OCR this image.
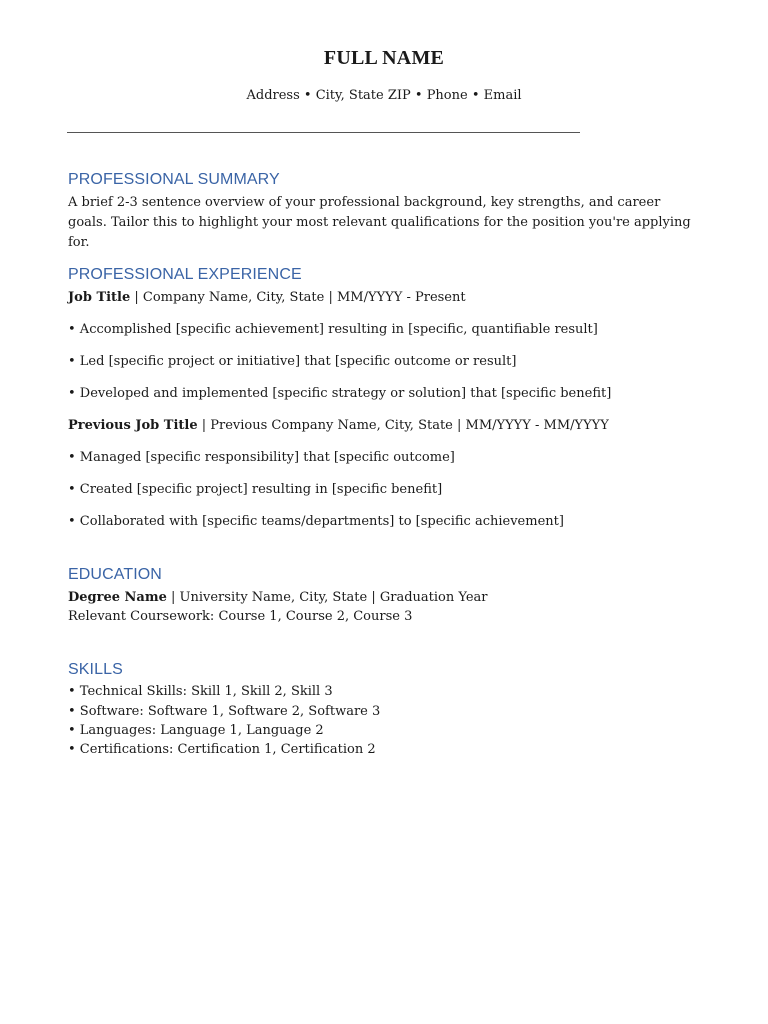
FULL NAME
Address • City, State ZIP • Phone • Email
PROFESSIONAL SUMMARY
A brief 2-3 sentence overview of your professional background, key strengths, and career goals. Tailor this to highlight your most relevant qualifications for the position you're applying for.
PROFESSIONAL EXPERIENCE
Job Title | Company Name, City, State | MM/YYYY - Present
• Accomplished [specific achievement] resulting in [specific, quantifiable result]
• Led [specific project or initiative] that [specific outcome or result]
• Developed and implemented [specific strategy or solution] that [specific benefit]
Previous Job Title | Previous Company Name, City, State | MM/YYYY - MM/YYYY
• Managed [specific responsibility] that [specific outcome]
• Created [specific project] resulting in [specific benefit]
• Collaborated with [specific teams/departments] to [specific achievement]
EDUCATION
Degree Name | University Name, City, State | Graduation Year
Relevant Coursework: Course 1, Course 2, Course 3
SKILLS
• Technical Skills: Skill 1, Skill 2, Skill 3
• Software: Software 1, Software 2, Software 3
• Languages: Language 1, Language 2
• Certifications: Certification 1, Certification 2
